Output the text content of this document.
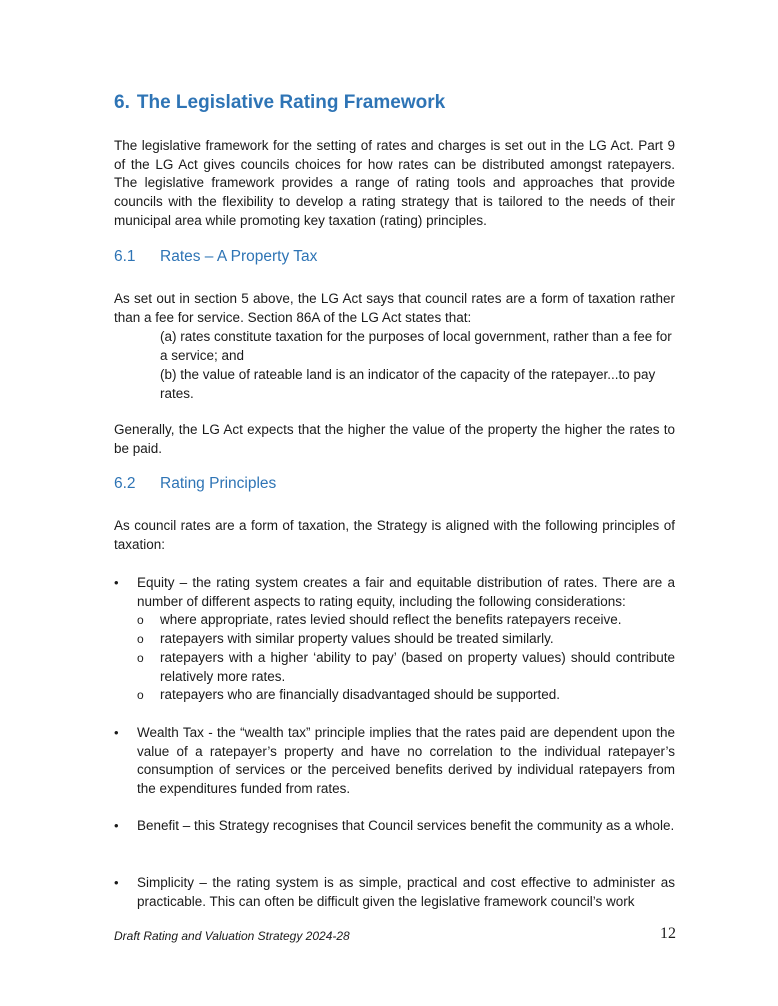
6. The Legislative Rating Framework
The legislative framework for the setting of rates and charges is set out in the LG Act. Part 9 of the LG Act gives councils choices for how rates can be distributed amongst ratepayers. The legislative framework provides a range of rating tools and approaches that provide councils with the flexibility to develop a rating strategy that is tailored to the needs of their municipal area while promoting key taxation (rating) principles.
6.1 Rates – A Property Tax
As set out in section 5 above, the LG Act says that council rates are a form of taxation rather than a fee for service. Section 86A of the LG Act states that:
(a) rates constitute taxation for the purposes of local government, rather than a fee for a service; and
(b) the value of rateable land is an indicator of the capacity of the ratepayer...to pay rates.
Generally, the LG Act expects that the higher the value of the property the higher the rates to be paid.
6.2 Rating Principles
As council rates are a form of taxation, the Strategy is aligned with the following principles of taxation:
•	Equity – the rating system creates a fair and equitable distribution of rates. There are a number of different aspects to rating equity, including the following considerations:
o where appropriate, rates levied should reflect the benefits ratepayers receive.
o ratepayers with similar property values should be treated similarly.
o ratepayers with a higher ‘ability to pay’ (based on property values) should contribute relatively more rates.
o ratepayers who are financially disadvantaged should be supported.
•	Wealth Tax - the “wealth tax” principle implies that the rates paid are dependent upon the value of a ratepayer’s property and have no correlation to the individual ratepayer’s consumption of services or the perceived benefits derived by individual ratepayers from the expenditures funded from rates.
•	Benefit – this Strategy recognises that Council services benefit the community as a whole.
•	Simplicity – the rating system is as simple, practical and cost effective to administer as practicable. This can often be difficult given the legislative framework council’s work
Draft Rating and Valuation Strategy 2024-28	12
